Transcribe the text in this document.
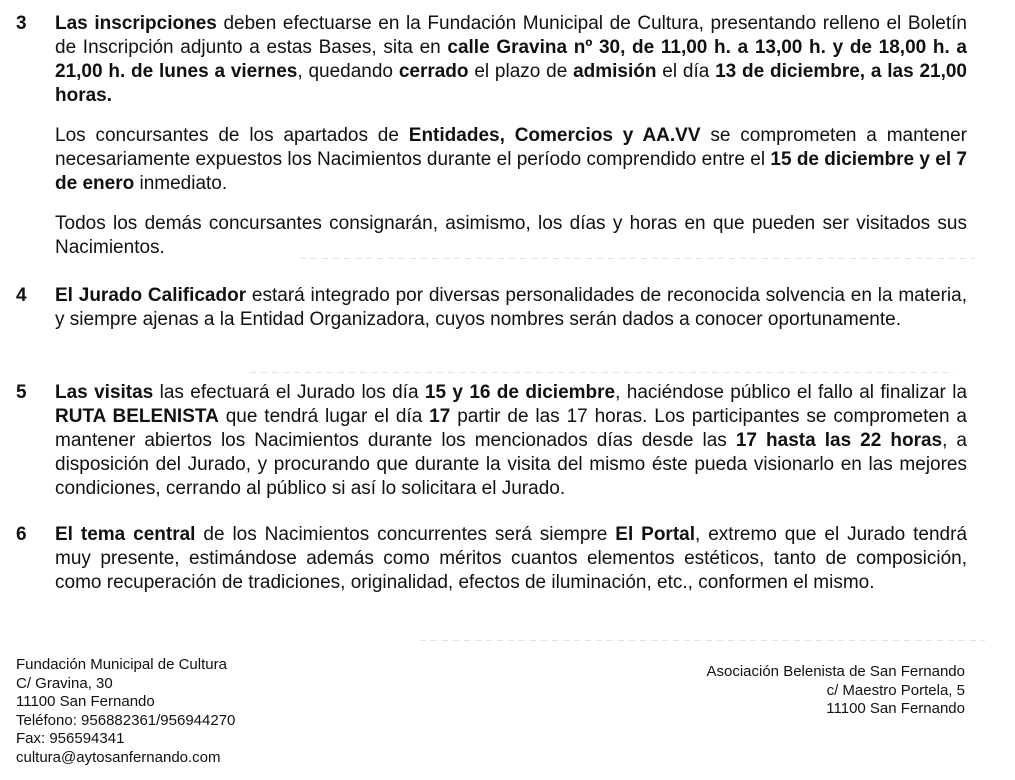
3 Las inscripciones deben efectuarse en la Fundación Municipal de Cultura, presentando relleno el Boletín de Inscripción adjunto a estas Bases, sita en calle Gravina nº 30, de 11,00 h. a 13,00 h. y de 18,00 h. a 21,00 h. de lunes a viernes, quedando cerrado el plazo de admisión el día 13 de diciembre, a las 21,00 horas.
Los concursantes de los apartados de Entidades, Comercios y AA.VV se comprometen a mantener necesariamente expuestos los Nacimientos durante el período comprendido entre el 15 de diciembre y el 7 de enero inmediato.
Todos los demás concursantes consignarán, asimismo, los días y horas en que pueden ser visitados sus Nacimientos.
4 El Jurado Calificador estará integrado por diversas personalidades de reconocida solvencia en la materia, y siempre ajenas a la Entidad Organizadora, cuyos nombres serán dados a conocer oportunamente.
5 Las visitas las efectuará el Jurado los día 15 y 16 de diciembre, haciéndose público el fallo al finalizar la RUTA BELENISTA que tendrá lugar el día 17 partir de las 17 horas. Los participantes se comprometen a mantener abiertos los Nacimientos durante los mencionados días desde las 17 hasta las 22 horas, a disposición del Jurado, y procurando que durante la visita del mismo éste pueda visionarlo en las mejores condiciones, cerrando al público si así lo solicitara el Jurado.
6 El tema central de los Nacimientos concurrentes será siempre El Portal, extremo que el Jurado tendrá muy presente, estimándose además como méritos cuantos elementos estéticos, tanto de composición, como recuperación de tradiciones, originalidad, efectos de iluminación, etc., conformen el mismo.
Fundación Municipal de Cultura
C/ Gravina, 30
11100 San Fernando
Teléfono: 956882361/956944270
Fax: 956594341
cultura@aytosanfernando.com
Asociación Belenista de San Fernando
c/ Maestro Portela, 5
11100 San Fernando
